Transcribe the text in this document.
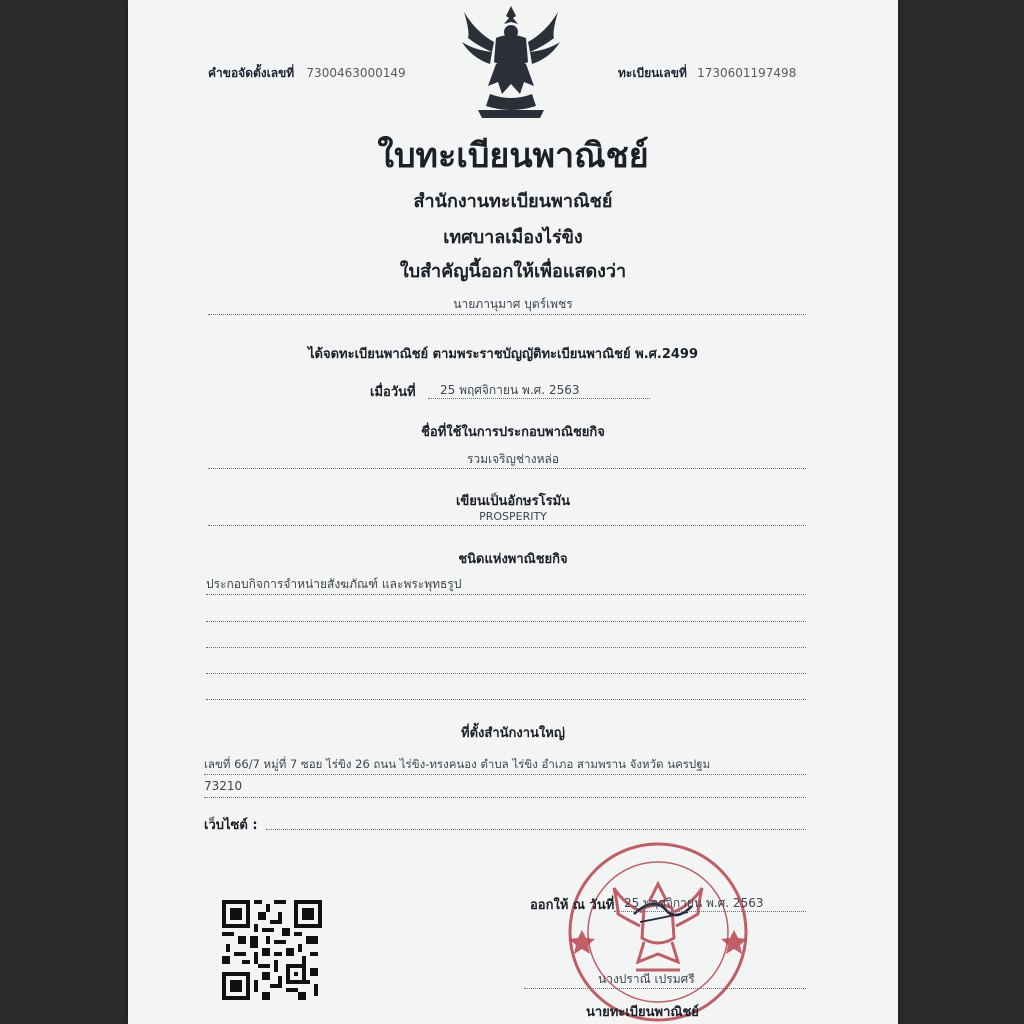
คำขอจัดตั้งเลขที่ 7300463000149	ทะเบียนเลขที่ 1730601197498
ใบทะเบียนพาณิชย์
สำนักงานทะเบียนพาณิชย์
เทศบาลเมืองไร่ขิง
ใบสำคัญนี้ออกให้เพื่อแสดงว่า
นายภานุมาศ บุตร์เพชร
ได้จดทะเบียนพาณิชย์ ตามพระราชบัญญัติทะเบียนพาณิชย์ พ.ศ.2499
เมื่อวันที่ 25 พฤศจิกายน พ.ศ. 2563
ชื่อที่ใช้ในการประกอบพาณิชยกิจ
รวมเจริญช่างหล่อ
เขียนเป็นอักษรโรมัน
PROSPERITY
ชนิดแห่งพาณิชยกิจ
ประกอบกิจการจำหน่ายสังฆภัณฑ์ และพระพุทธรูป
ที่ตั้งสำนักงานใหญ่
เลขที่ 66/7 หมู่ที่ 7 ซอย ไร่ขิง 26 ถนน ไร่ขิง-ทรงคนอง ตำบล ไร่ขิง อำเภอ สามพราน จังหวัด นครปฐม
73210
เว็บไซต์ :
ออกให้ ณ วันที่ 25 พฤศจิกายน พ.ศ. 2563
นางปราณี เปรมศรี
นายทะเบียนพาณิชย์
